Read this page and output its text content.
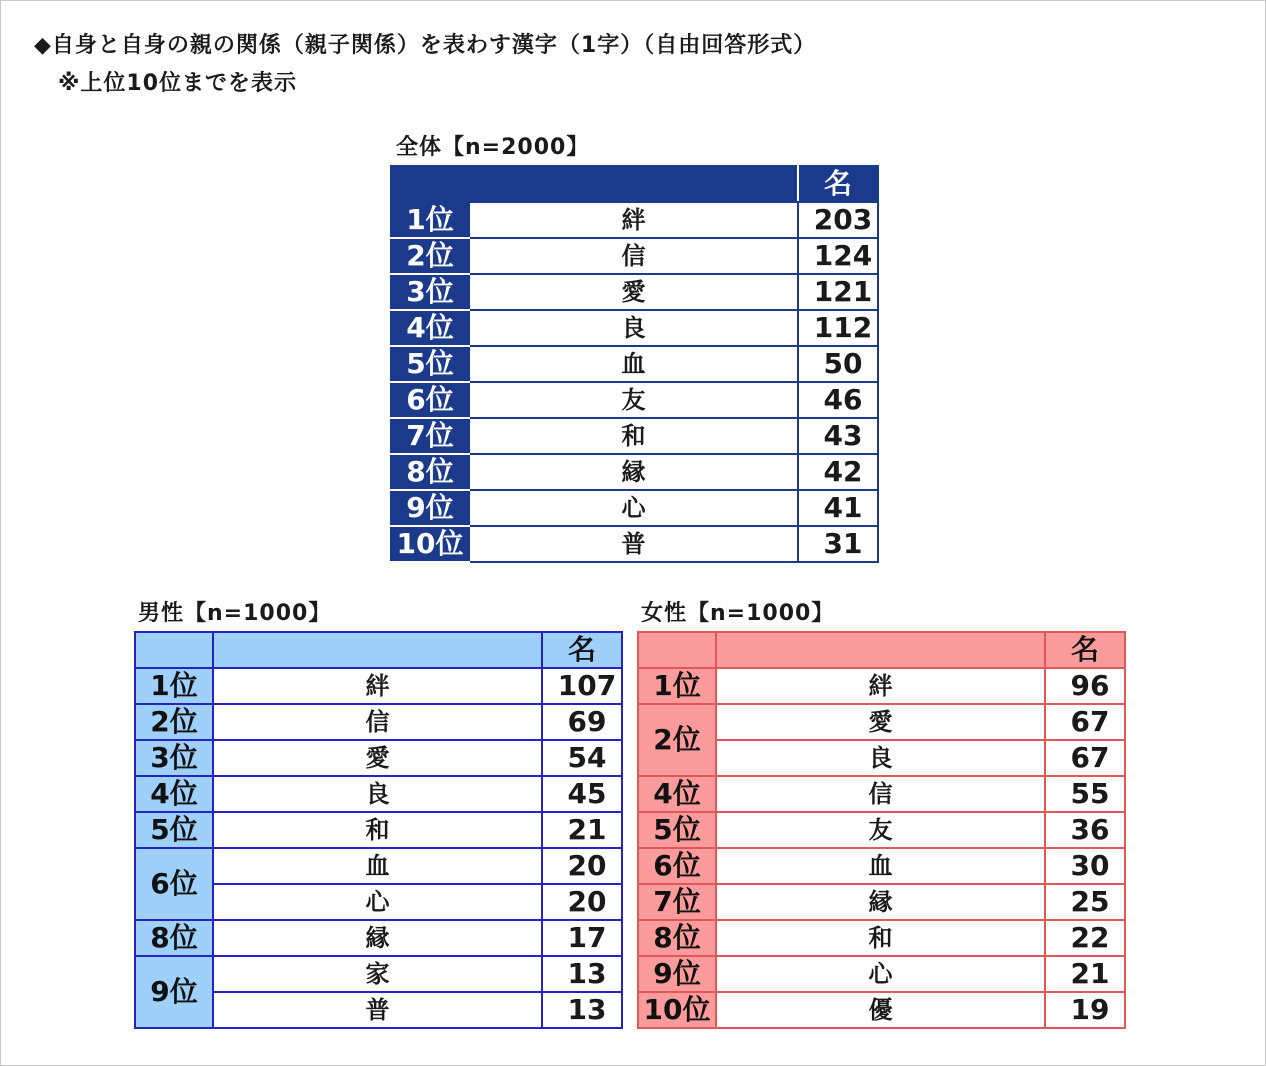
◆自身と自身の親の関係（親子関係）を表わす漢字（1字）（自由回答形式）
※上位10位までを表示
全体【n=2000】
		名
1位	絆	203
2位	信	124
3位	愛	121
4位	良	112
5位	血	50
6位	友	46
7位	和	43
8位	縁	42
9位	心	41
10位	普	31
男性【n=1000】
		名
1位	絆	107
2位	信	69
3位	愛	54
4位	良	45
5位	和	21
6位	血	20
	心	20
8位	縁	17
9位	家	13
	普	13
女性【n=1000】
		名
1位	絆	96
2位	愛	67
	良	67
4位	信	55
5位	友	36
6位	血	30
7位	縁	25
8位	和	22
9位	心	21
10位	優	19
